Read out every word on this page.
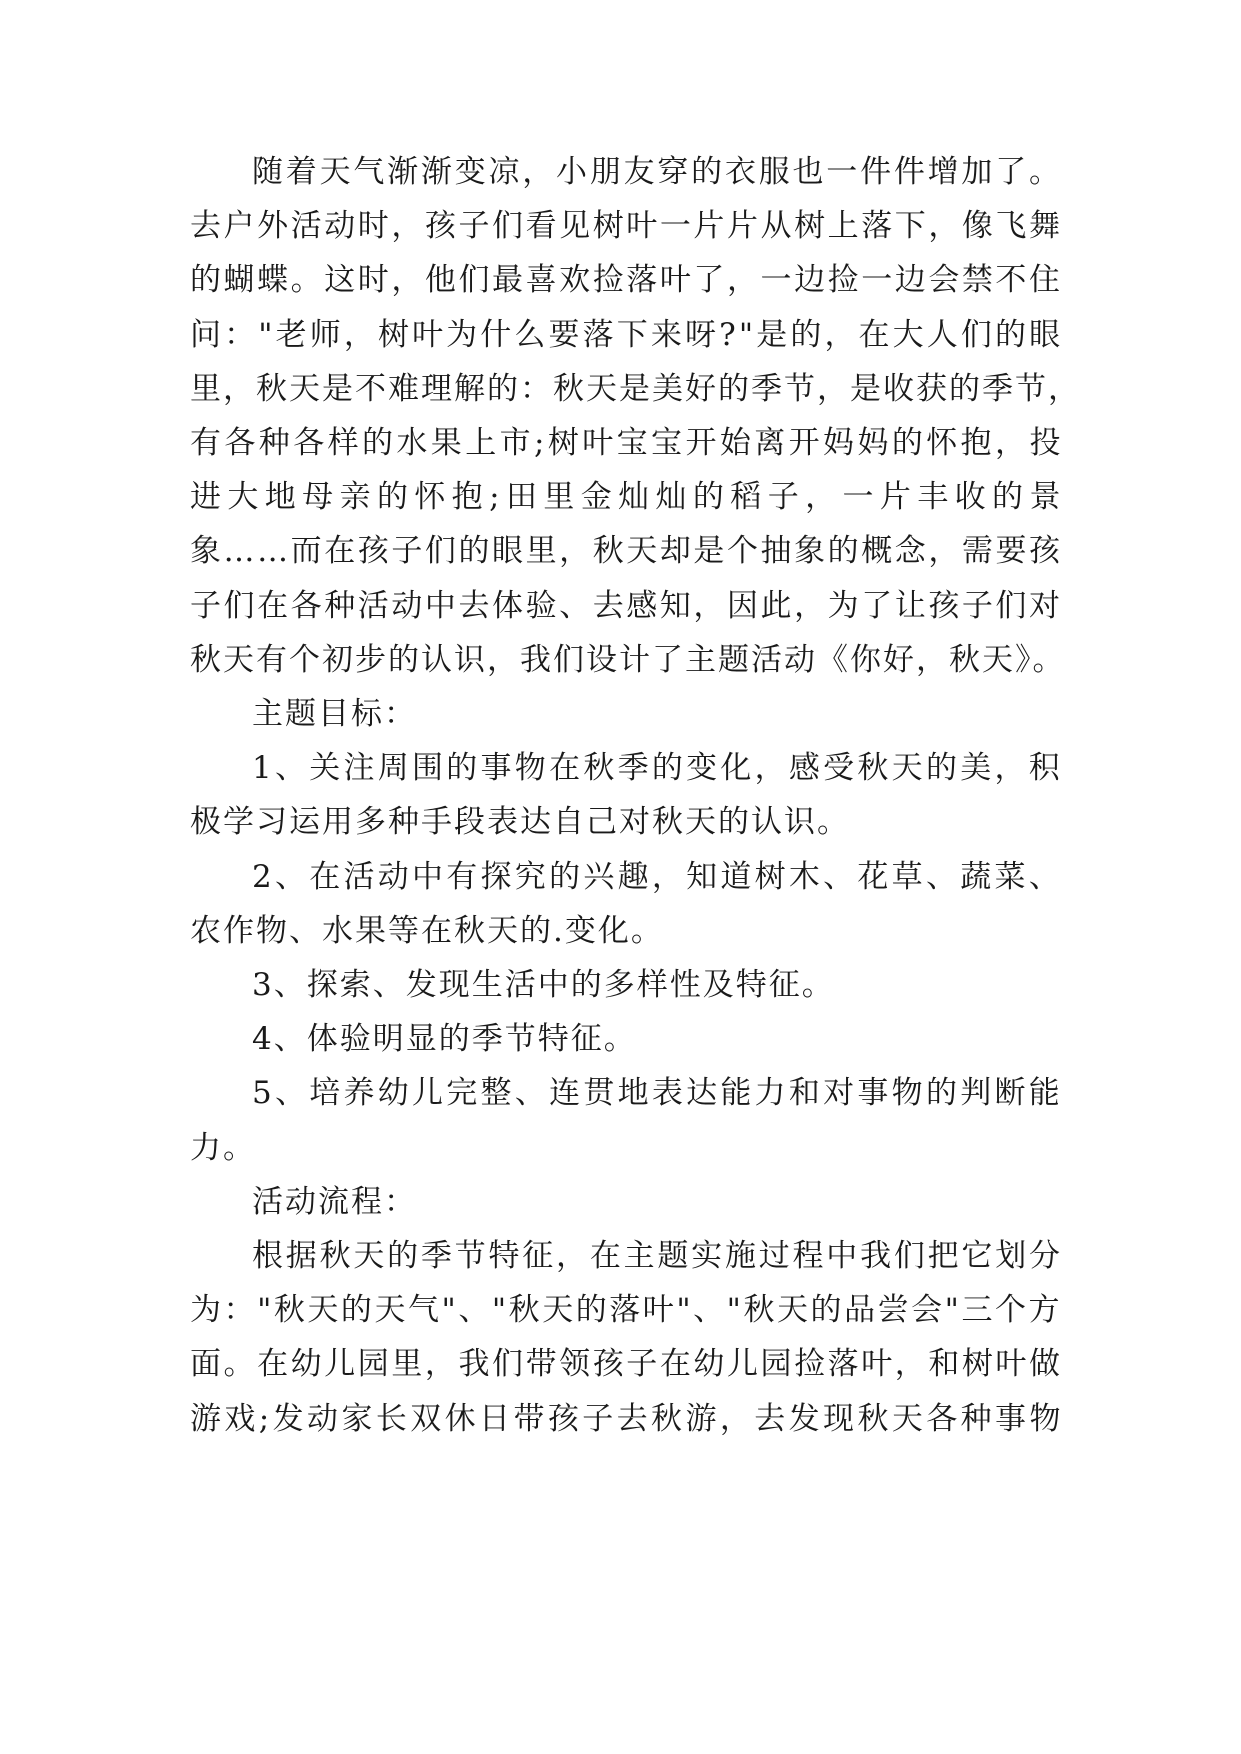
随着天气渐渐变凉，小朋友穿的衣服也一件件增加了。
去户外活动时，孩子们看见树叶一片片从树上落下，像飞舞
的蝴蝶。这时，他们最喜欢捡落叶了，一边捡一边会禁不住
问："老师，树叶为什么要落下来呀?"是的，在大人们的眼
里，秋天是不难理解的：秋天是美好的季节，是收获的季节，
有各种各样的水果上市;树叶宝宝开始离开妈妈的怀抱，投
进大地母亲的怀抱;田里金灿灿的稻子，一片丰收的景
象……而在孩子们的眼里，秋天却是个抽象的概念，需要孩
子们在各种活动中去体验、去感知，因此，为了让孩子们对
秋天有个初步的认识，我们设计了主题活动《你好，秋天》。
主题目标：
1、关注周围的事物在秋季的变化，感受秋天的美，积
极学习运用多种手段表达自己对秋天的认识。
2、在活动中有探究的兴趣，知道树木、花草、蔬菜、
农作物、水果等在秋天的.变化。
3、探索、发现生活中的多样性及特征。
4、体验明显的季节特征。
5、培养幼儿完整、连贯地表达能力和对事物的判断能
力。
活动流程：
根据秋天的季节特征，在主题实施过程中我们把它划分
为："秋天的天气"、"秋天的落叶"、"秋天的品尝会"三个方
面。在幼儿园里，我们带领孩子在幼儿园捡落叶，和树叶做
游戏;发动家长双休日带孩子去秋游，去发现秋天各种事物
